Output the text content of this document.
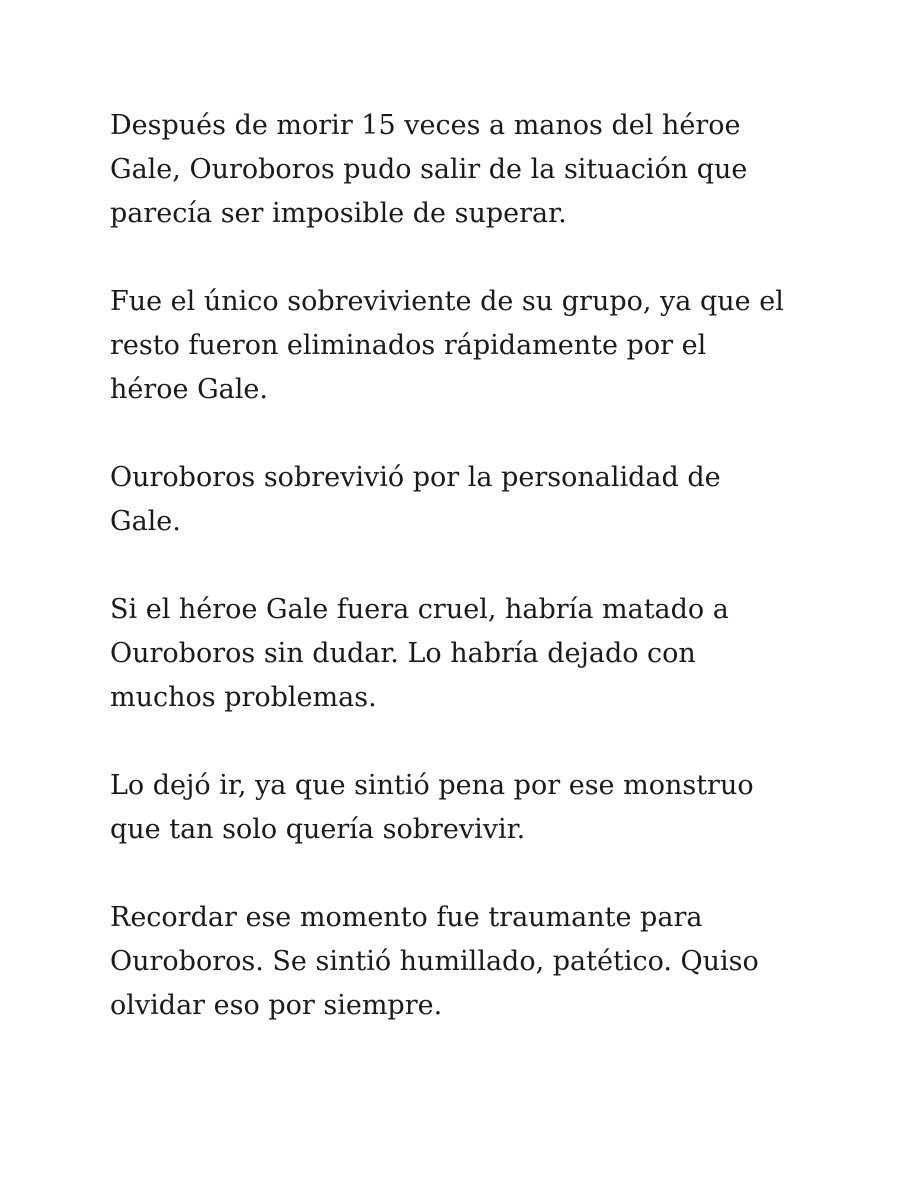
Después de morir 15 veces a manos del héroe
Gale, Ouroboros pudo salir de la situación que
parecía ser imposible de superar.

Fue el único sobreviviente de su grupo, ya que el
resto fueron eliminados rápidamente por el
héroe Gale.

Ouroboros sobrevivió por la personalidad de
Gale.

Si el héroe Gale fuera cruel, habría matado a
Ouroboros sin dudar. Lo habría dejado con
muchos problemas.

Lo dejó ir, ya que sintió pena por ese monstruo
que tan solo quería sobrevivir.

Recordar ese momento fue traumante para
Ouroboros. Se sintió humillado, patético. Quiso
olvidar eso por siempre.
